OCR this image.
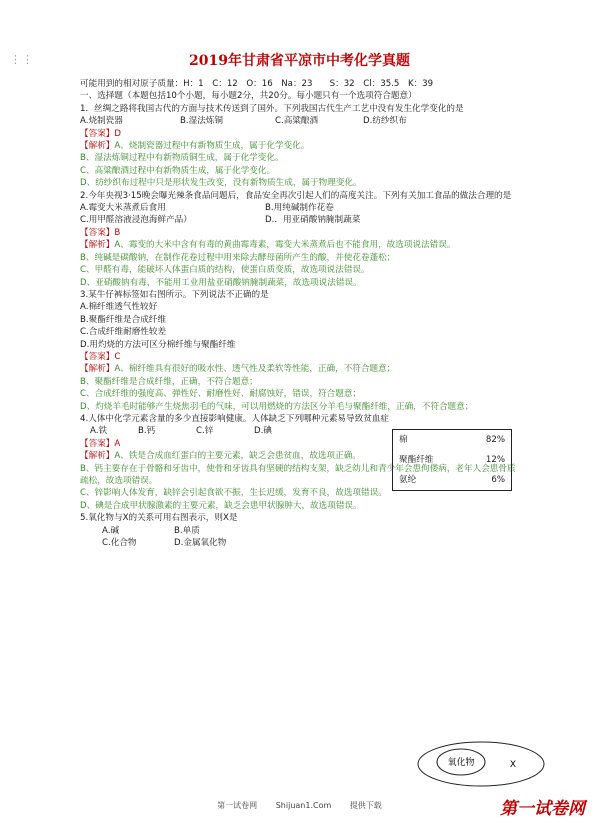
⋮⋮	2019年甘肃省平凉市中考化学真题

可能用到的相对原子质量：H：1　C：12　O：16　Na：23　　S：32　Cl：35.5　K：39

一、选择题（本题包括10个小题，每小题2分，共20分。每小题只有一个选项符合题意）

1．丝绸之路将我国古代的方面与技术传送到了国外。下列我国古代生产工艺中没有发生化学变化的是

A.烧制瓷器	B.湿法炼铜	C.高粱酿酒	D.纺纱织布

【答案】D

【解析】A、烧制瓷器过程中有新物质生成，属于化学变化。

B、湿法炼铜过程中有新物质铜生成，属于化学变化。

C、高粱酿酒过程中有新物质生成，属于化学变化。

D、纺纱织布过程中只是形状发生改变，没有新物质生成，属于物理变化。

2.今年央视3·15晚会曝光辣条食品问题后，食品安全再次引起人们的高度关注。下列有关加工食品的做法合理的是

A.霉变大米蒸煮后食用	B.用纯碱制作花卷

C.用甲醛溶液浸泡海鲜产品）	D.．用亚硝酸钠腌制蔬菜

【答案】B

【解析】A、霉变的大米中含有有毒的黄曲霉毒素，霉变大米蒸煮后也不能食用，故选项说法错误。

B、纯碱是碳酸钠，在制作花卷过程中用来除去酵母菌所产生的酸，并使花卷蓬松；

C、甲醛有毒，能破坏人体蛋白质的结构，使蛋白质变质，故选项说法错误。

D、亚硝酸钠有毒，不能用工业用盐亚硝酸钠腌制蔬菜，故选项说法错误。

3.某牛仔裤标签如右图所示。下列说法不正确的是

A.棉纤维透气性较好

B.聚酯纤维是合成纤维

C.合成纤维耐磨性较差

D.用灼烧的方法可区分棉纤维与聚酯纤维

【答案】C

【解析】A、棉纤维具有很好的吸水性、透气性及柔软等性能，正确，不符合题意；

B、聚酯纤维是合成纤维，正确，不符合题意；

C、合成纤维的强度高、弹性好、耐磨性好、耐腐蚀好，错误，符合题意；

D、灼烧羊毛时能够产生烧焦羽毛的气味，可以用燃烧的方法区分羊毛与聚酯纤维，正确，不符合题意；

4.人体中化学元素含量的多少直接影响健康。人体缺乏下列哪种元素易导致贫血症

A.铁	B.钙	C.锌	D.碘

【答案】A

【解析】A、铁是合成血红蛋白的主要元素，缺乏会患贫血，故选项正确。

B、钙主要存在于骨骼和牙齿中，使骨和牙齿具有坚硬的结构支架，缺乏幼儿和青少年会患佝偻病，老年人会患骨质疏松，故选项错误。

C、锌影响人体发育，缺锌会引起食欲不振，生长迟缓，发育不良，故选项错误。

D、碘是合成甲状腺激素的主要元素，缺乏会患甲状腺肿大，故选项错误。

5.氧化物与X的关系可用右图表示，则X是

A.碱	B.单质

C.化合物	D.金属氧化物

棉	82%
聚酯纤维	12%
氨纶	6%
氧化物	X
第一试卷网 Shijuan1.Com 提供下载	第一试卷网
